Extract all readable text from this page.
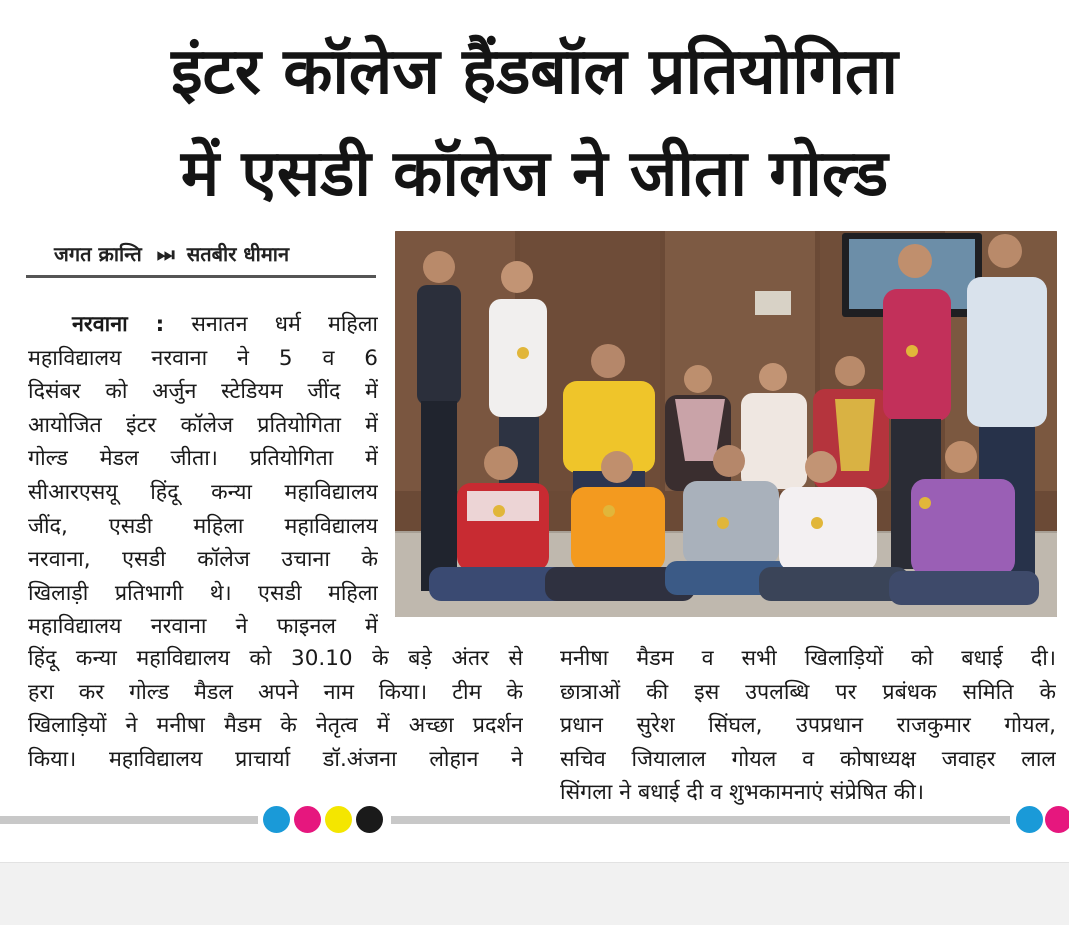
इंटर कॉलेज हैंडबॉल प्रतियोगिता
में एसडी कॉलेज ने जीता गोल्ड
जगत क्रान्ति ⏭ सतबीर धीमान
नरवाना : सनातन धर्म महिला
महाविद्यालय नरवाना ने 5 व 6
दिसंबर को अर्जुन स्टेडियम जींद में
आयोजित इंटर कॉलेज प्रतियोगिता में
गोल्ड मेडल जीता। प्रतियोगिता में
सीआरएसयू हिंदू कन्या महाविद्यालय
जींद, एसडी महिला महाविद्यालय
नरवाना, एसडी कॉलेज उचाना के
खिलाड़ी प्रतिभागी थे। एसडी महिला
महाविद्यालय नरवाना ने फाइनल में
हिंदू कन्या महाविद्यालय को 30.10 के बड़े अंतर से
हरा कर गोल्ड मैडल अपने नाम किया। टीम के
खिलाड़ियों ने मनीषा मैडम के नेतृत्व में अच्छा प्रदर्शन
किया। महाविद्यालय प्राचार्या डॉ.अंजना लोहान ने
मनीषा मैडम व सभी खिलाड़ियों को बधाई दी।
छात्राओं की इस उपलब्धि पर प्रबंधक समिति के
प्रधान सुरेश सिंघल, उपप्रधान राजकुमार गोयल,
सचिव जियालाल गोयल व कोषाध्यक्ष जवाहर लाल
सिंगला ने बधाई दी व शुभकामनाएं संप्रेषित की।
